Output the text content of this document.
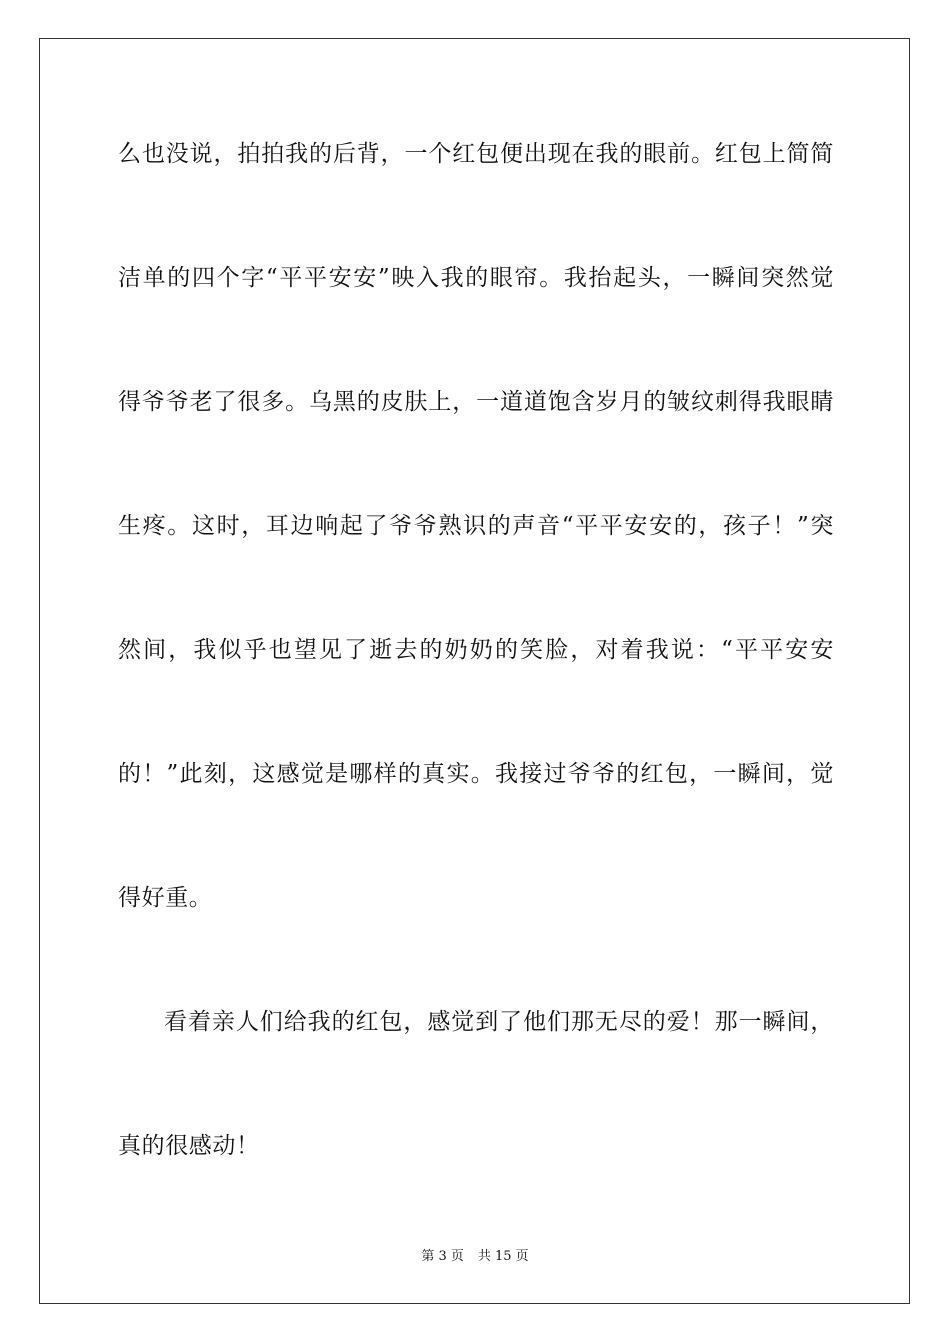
么也没说，拍拍我的后背，一个红包便出现在我的眼前。红包上简简
洁单的四个字“平平安安”映入我的眼帘。我抬起头，一瞬间突然觉
得爷爷老了很多。乌黑的皮肤上，一道道饱含岁月的皱纹刺得我眼睛
生疼。这时，耳边响起了爷爷熟识的声音“平平安安的，孩子！”突
然间，我似乎也望见了逝去的奶奶的笑脸，对着我说：“平平安安
的！”此刻，这感觉是哪样的真实。我接过爷爷的红包，一瞬间，觉
得好重。
看着亲人们给我的红包，感觉到了他们那无尽的爱！那一瞬间，
真的很感动！
第 3 页 共 15 页
